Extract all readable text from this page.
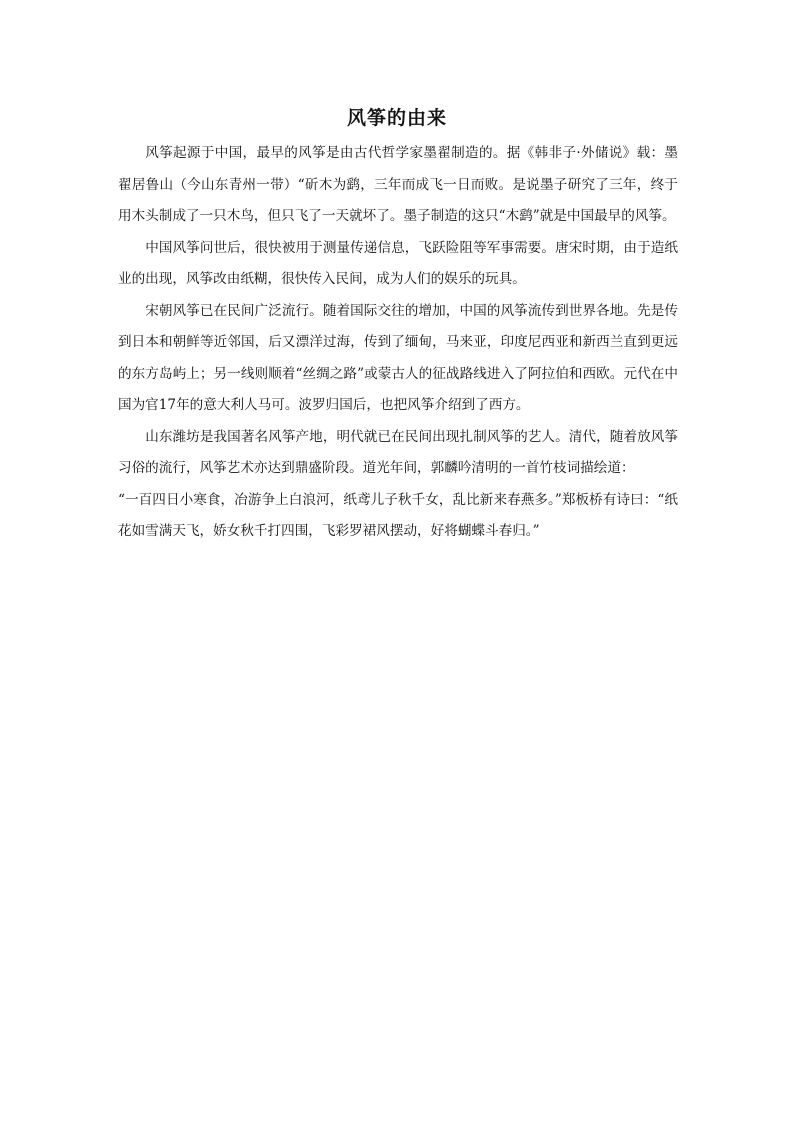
风筝的由来

风筝起源于中国，最早的风筝是由古代哲学家墨翟制造的。据《韩非子·外储说》载：墨翟居鲁山（今山东青州一带）“斫木为鹞，三年而成飞一日而败。是说墨子研究了三年，终于用木头制成了一只木鸟，但只飞了一天就坏了。墨子制造的这只“木鹞”就是中国最早的风筝。

中国风筝问世后，很快被用于测量传递信息，飞跃险阻等军事需要。唐宋时期，由于造纸业的出现，风筝改由纸糊，很快传入民间，成为人们的娱乐的玩具。

宋朝风筝已在民间广泛流行。随着国际交往的增加，中国的风筝流传到世界各地。先是传到日本和朝鲜等近邻国，后又漂洋过海，传到了缅甸，马来亚，印度尼西亚和新西兰直到更远的东方岛屿上；另一线则顺着“丝绸之路”或蒙古人的征战路线进入了阿拉伯和西欧。元代在中国为官17年的意大利人马可。波罗归国后，也把风筝介绍到了西方。

山东潍坊是我国著名风筝产地，明代就已在民间出现扎制风筝的艺人。清代，随着放风筝习俗的流行，风筝艺术亦达到鼎盛阶段。道光年间，郭麟吟清明的一首竹枝词描绘道：

“一百四日小寒食，冶游争上白浪河，纸鸢儿子秋千女，乱比新来春燕多。”郑板桥有诗曰：“纸花如雪满天飞，娇女秋千打四围，飞彩罗裙风摆动，好将蝴蝶斗春归。”
